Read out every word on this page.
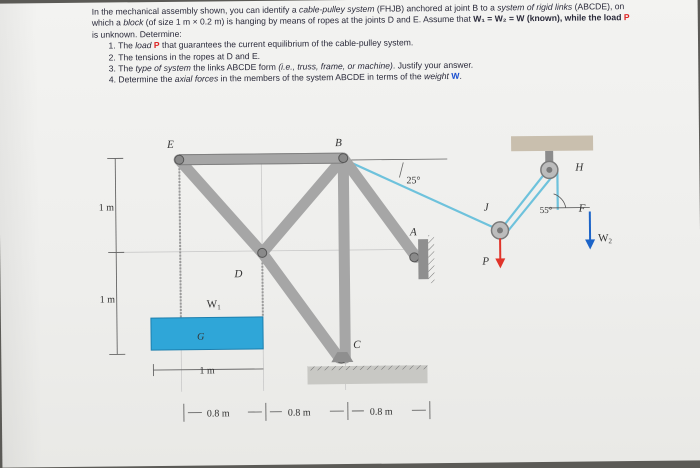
In the mechanical assembly shown, you can identify a cable-pulley system (FHJB) anchored at joint B to a system of rigid links (ABCDE), on which a block (of size 1 m × 0.2 m) is hanging by means of ropes at the joints D and E. Assume that W₁ = W₂ = W (known), while the load P is unknown. Determine:

1. The load P that guarantees the current equilibrium of the cable-pulley system.
2. The tensions in the ropes at D and E.
3. The type of system the links ABCDE form (i.e., truss, frame, or machine). Justify your answer.
4. Determine the axial forces in the members of the system ABCDE in terms of the weight W.
E	B
A
C
D
H
J	F
G
P
W1
W2
25°
55°
1 m
1 m
1 m
0.8 m	0.8 m	0.8 m
